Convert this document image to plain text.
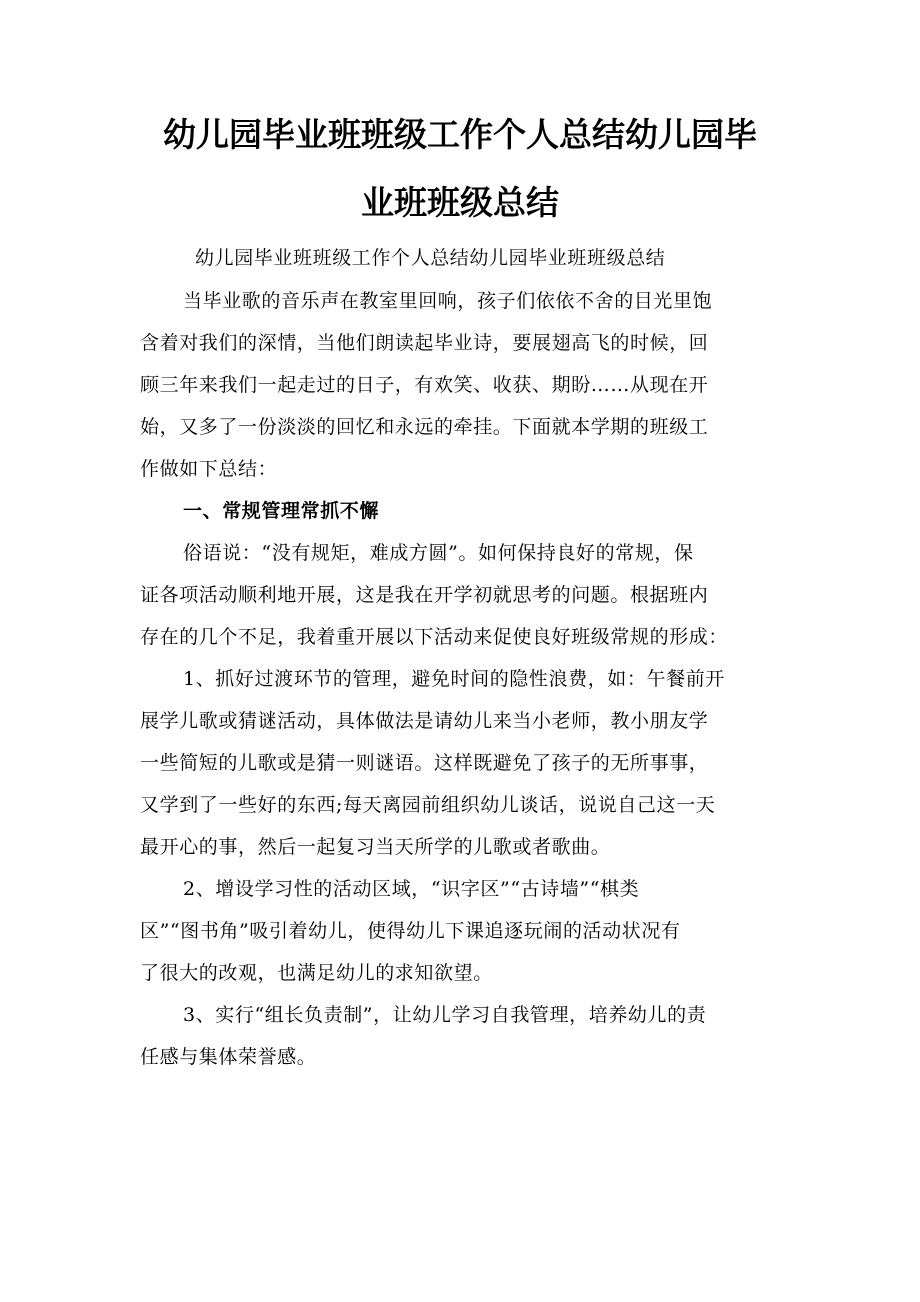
幼儿园毕业班班级工作个人总结幼儿园毕
业班班级总结
幼儿园毕业班班级工作个人总结幼儿园毕业班班级总结
当毕业歌的音乐声在教室里回响，孩子们依依不舍的目光里饱
含着对我们的深情，当他们朗读起毕业诗，要展翅高飞的时候，回
顾三年来我们一起走过的日子，有欢笑、收获、期盼……从现在开
始，又多了一份淡淡的回忆和永远的牵挂。下面就本学期的班级工
作做如下总结：
一、常规管理常抓不懈
俗语说：“没有规矩，难成方圆”。如何保持良好的常规，保
证各项活动顺利地开展，这是我在开学初就思考的问题。根据班内
存在的几个不足，我着重开展以下活动来促使良好班级常规的形成：
1、抓好过渡环节的管理，避免时间的隐性浪费，如：午餐前开
展学儿歌或猜谜活动，具体做法是请幼儿来当小老师，教小朋友学
一些简短的儿歌或是猜一则谜语。这样既避免了孩子的无所事事，
又学到了一些好的东西;每天离园前组织幼儿谈话，说说自己这一天
最开心的事，然后一起复习当天所学的儿歌或者歌曲。
2、增设学习性的活动区域，“识字区”“古诗墙”“棋类
区”“图书角”吸引着幼儿，使得幼儿下课追逐玩闹的活动状况有
了很大的改观，也满足幼儿的求知欲望。
3、实行“组长负责制”，让幼儿学习自我管理，培养幼儿的责
任感与集体荣誉感。
